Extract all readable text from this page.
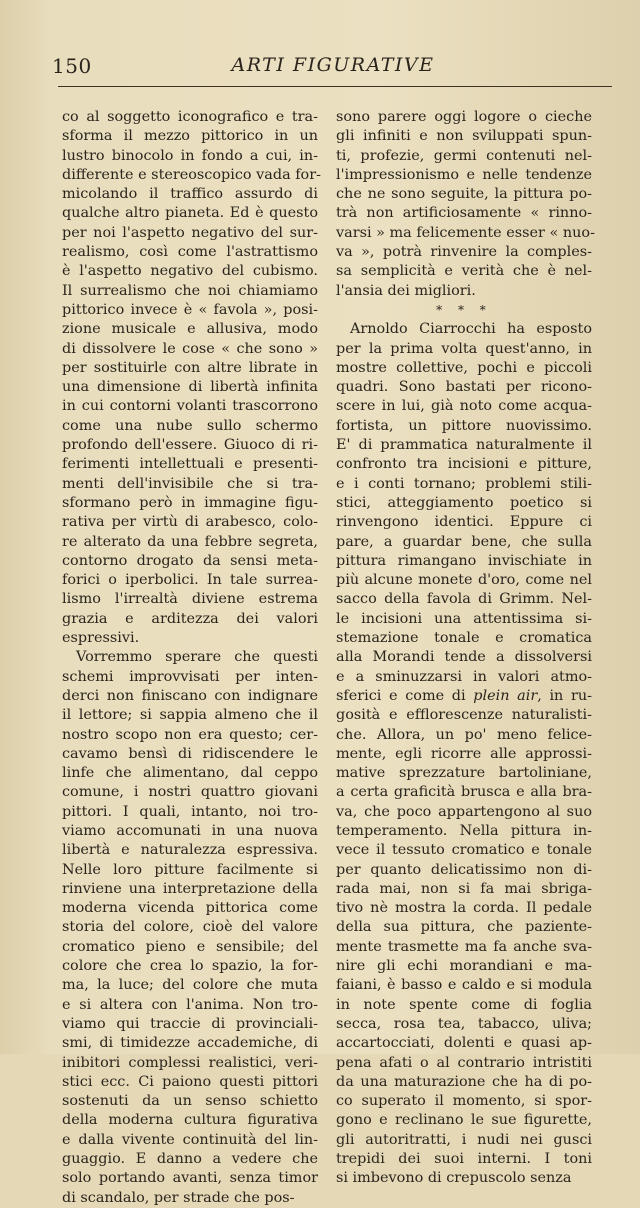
150	ARTI FIGURATIVE
co al soggetto iconografico e tra-
sforma il mezzo pittorico in un
lustro binocolo in fondo a cui, in-
differente e stereoscopico vada for-
micolando il traffico assurdo di
qualche altro pianeta. Ed è questo
per noi l'aspetto negativo del sur-
realismo, così come l'astrattismo
è l'aspetto negativo del cubismo.
Il surrealismo che noi chiamiamo
pittorico invece è « favola », posi-
zione musicale e allusiva, modo
di dissolvere le cose « che sono »
per sostituirle con altre librate in
una dimensione di libertà infinita
in cui contorni volanti trascorrono
come una nube sullo schermo
profondo dell'essere. Giuoco di ri-
ferimenti intellettuali e presenti-
menti dell'invisibile che si tra-
sformano però in immagine figu-
rativa per virtù di arabesco, colo-
re alterato da una febbre segreta,
contorno drogato da sensi meta-
forici o iperbolici. In tale surrea-
lismo l'irrealtà diviene estrema
grazia e arditezza dei valori
espressivi.
Vorremmo sperare che questi
schemi improvvisati per inten-
derci non finiscano con indignare
il lettore; si sappia almeno che il
nostro scopo non era questo; cer-
cavamo bensì di ridiscendere le
linfe che alimentano, dal ceppo
comune, i nostri quattro giovani
pittori. I quali, intanto, noi tro-
viamo accomunati in una nuova
libertà e naturalezza espressiva.
Nelle loro pitture facilmente si
rinviene una interpretazione della
moderna vicenda pittorica come
storia del colore, cioè del valore
cromatico pieno e sensibile; del
colore che crea lo spazio, la for-
ma, la luce; del colore che muta
e si altera con l'anima. Non tro-
viamo qui traccie di provinciali-
smi, di timidezze accademiche, di
inibitori complessi realistici, veri-
stici ecc. Ci paiono questi pittori
sostenuti da un senso schietto
della moderna cultura figurativa
e dalla vivente continuità del lin-
guaggio. E danno a vedere che
solo portando avanti, senza timor
di scandalo, per strade che pos-
sono parere oggi logore o cieche
gli infiniti e non sviluppati spun-
ti, profezie, germi contenuti nel-
l'impressionismo e nelle tendenze
che ne sono seguite, la pittura po-
trà non artificiosamente « rinno-
varsi » ma felicemente esser « nuo-
va », potrà rinvenire la comples-
sa semplicità e verità che è nel-
l'ansia dei migliori.
* * *
Arnoldo Ciarrocchi ha esposto
per la prima volta quest'anno, in
mostre collettive, pochi e piccoli
quadri. Sono bastati per ricono-
scere in lui, già noto come acqua-
fortista, un pittore nuovissimo.
E' di prammatica naturalmente il
confronto tra incisioni e pitture,
e i conti tornano; problemi stili-
stici, atteggiamento poetico si
rinvengono identici. Eppure ci
pare, a guardar bene, che sulla
pittura rimangano invischiate in
più alcune monete d'oro, come nel
sacco della favola di Grimm. Nel-
le incisioni una attentissima si-
stemazione tonale e cromatica
alla Morandi tende a dissolversi
e a sminuzzarsi in valori atmo-
sferici e come di plein air, in ru-
gosità e efflorescenze naturalisti-
che. Allora, un po' meno felice-
mente, egli ricorre alle approssi-
mative sprezzature bartoliniane,
a certa graficità brusca e alla bra-
va, che poco appartengono al suo
temperamento. Nella pittura in-
vece il tessuto cromatico e tonale
per quanto delicatissimo non di-
rada mai, non si fa mai sbriga-
tivo nè mostra la corda. Il pedale
della sua pittura, che paziente-
mente trasmette ma fa anche sva-
nire gli echi morandiani e ma-
faiani, è basso e caldo e si modula
in note spente come di foglia
secca, rosa tea, tabacco, uliva;
accartocciati, dolenti e quasi ap-
pena afati o al contrario intristiti
da una maturazione che ha di po-
co superato il momento, si spor-
gono e reclinano le sue figurette,
gli autoritratti, i nudi nei gusci
trepidi dei suoi interni. I toni
si imbevono di crepuscolo senza
